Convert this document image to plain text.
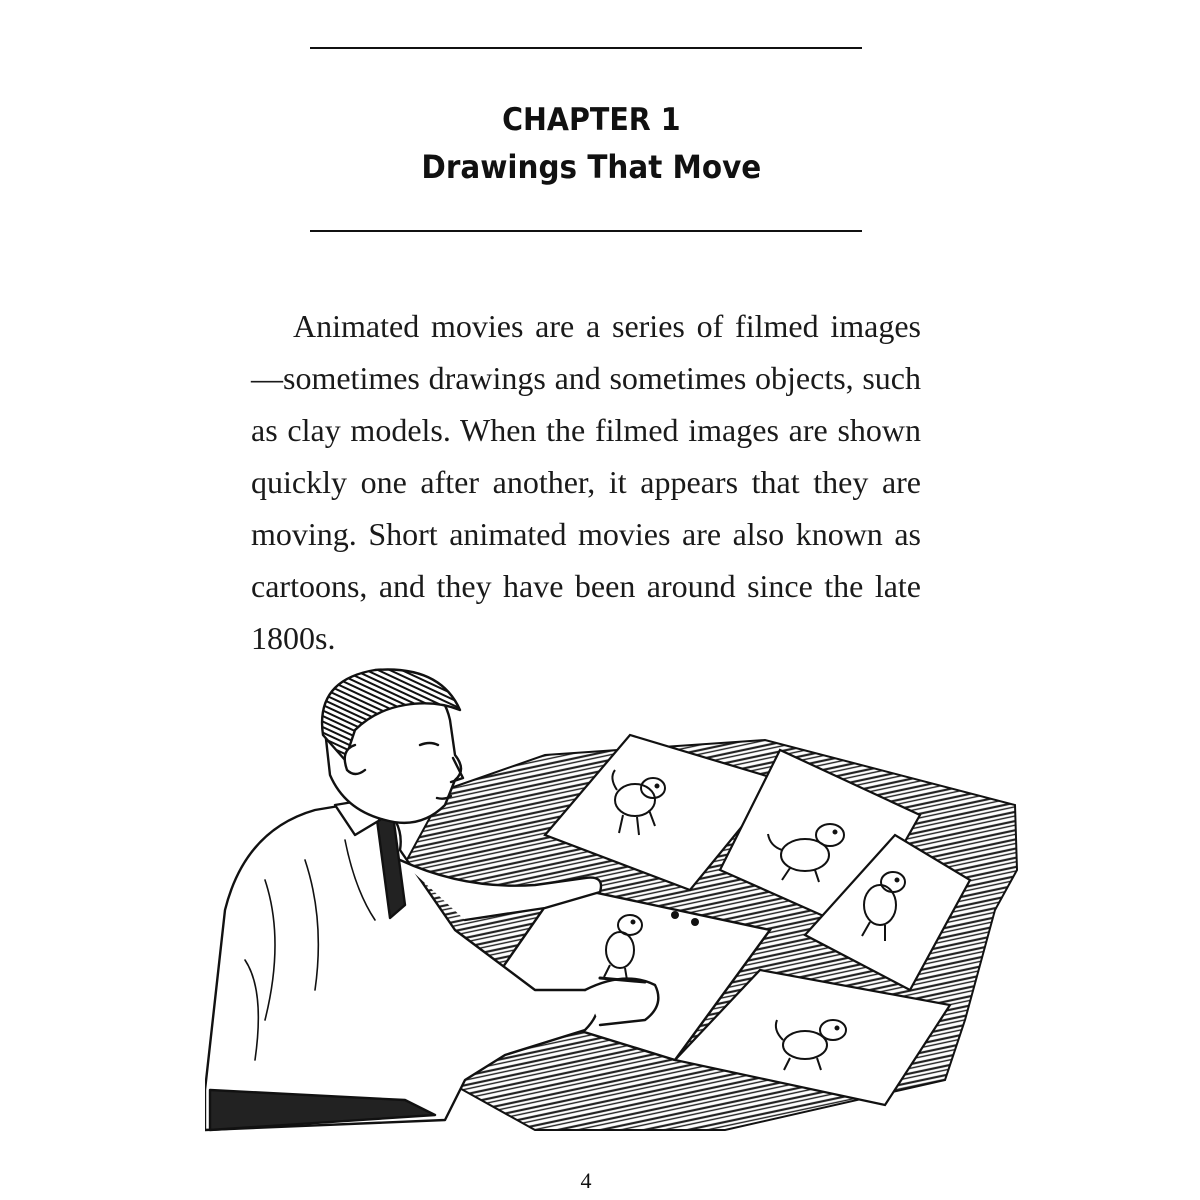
CHAPTER 1
Drawings That Move

Animated movies are a series of filmed images—sometimes drawings and sometimes objects, such as clay models. When the filmed images are shown quickly one after another, it appears that they are moving. Short animated movies are also known as cartoons, and they have been around since the late 1800s.

4
